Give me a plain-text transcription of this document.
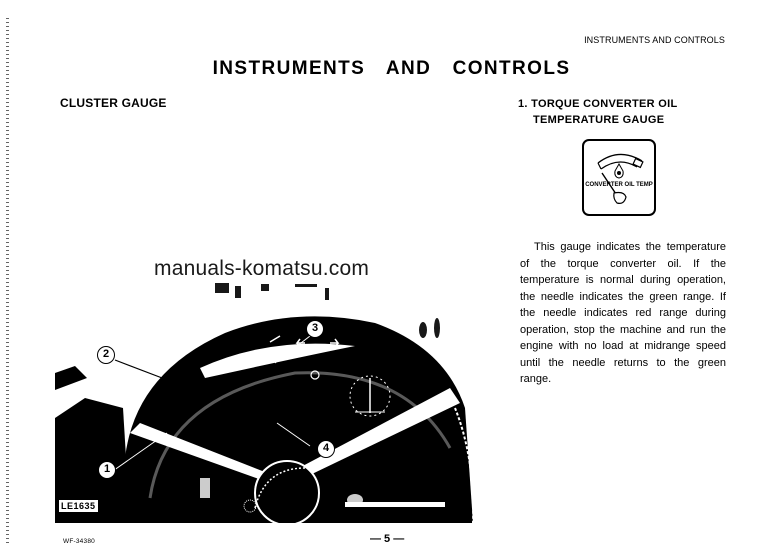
INSTRUMENTS AND CONTROLS
INSTRUMENTS  AND  CONTROLS
CLUSTER GAUGE	1. TORQUE CONVERTER OIL
TEMPERATURE GAUGE
CONVERTER OIL TEMP
This gauge indicates the temperature of the torque converter oil. If the temperature is normal during operation, the needle indicates the green range. If the needle indicates red range during operation, stop the machine and run the engine with no load at midrange speed until the needle returns to the green range.
1
2
3
4
LE1635
manuals-komatsu.com
WF-34380	— 5 —
